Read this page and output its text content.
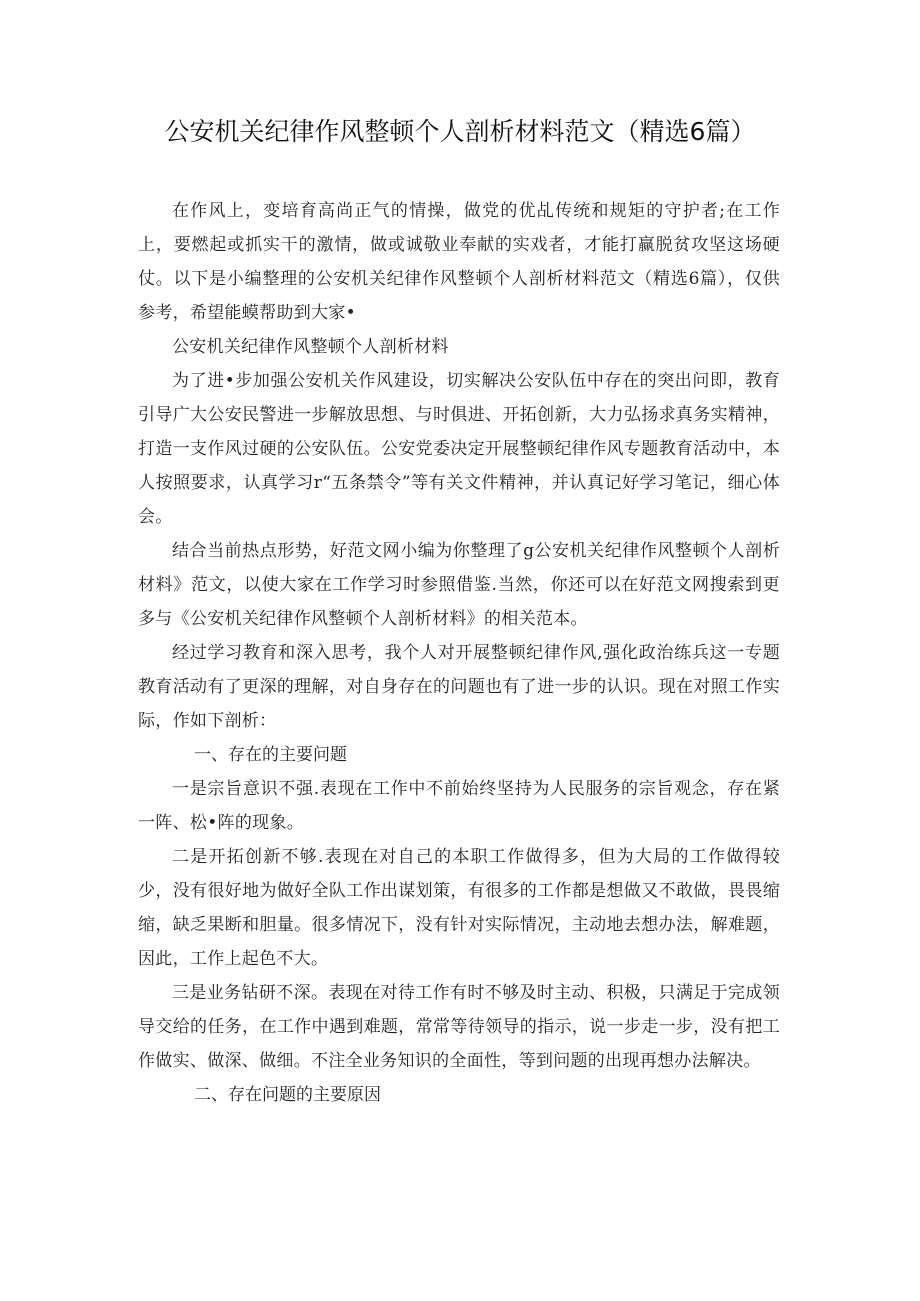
公安机关纪律作风整顿个人剖析材料范文（精选6篇）

在作风上，变培育高尚正气的情操，做党的优乩传统和规矩的守护者;在工作上，要燃起或抓实干的激情，做或诚敬业奉献的实戏者，才能打赢脱贫攻坚这场硬仗。以下是小编整理的公安机关纪律作风整顿个人剖析材料范文（精选6篇），仅供参考，希望能蟆帮助到大家•

公安机关纪律作风整顿个人剖析材料

为了进•步加强公安机关作风建设，切实解决公安队伍中存在的突出问即，教育引导广大公安民警进一步解放思想、与时俱进、开拓创新，大力弘扬求真务实精神，打造一支作风过硬的公安队伍。公安党委决定开展整顿纪律作风专题教育活动中，本人按照要求，认真学习r“五条禁令”等有关文件精神，并认真记好学习笔记，细心体会。

结合当前热点形势，好范文网小编为你整理了g公安机关纪律作风整顿个人剖析材料》范文，以使大家在工作学习时参照借鉴.当然，你还可以在好范文网搜索到更多与《公安机关纪律作风整顿个人剖析材料》的相关范本。

经过学习教育和深入思考，我个人对开展整顿纪律作风,强化政治练兵这一专题教育活动有了更深的理解，对自身存在的问题也有了进一步的认识。现在对照工作实际，作如下剖析：

一、存在的主要问题

一是宗旨意识不强.表现在工作中不前始终坚持为人民服务的宗旨观念，存在紧一阵、松•阵的现象。

二是开拓创新不够.表现在对自己的本职工作做得多，但为大局的工作做得较少，没有很好地为做好全队工作出谋划策，有很多的工作都是想做又不敢做，畏畏缩缩，缺乏果断和胆量。很多情况下，没有针对实际情况，主动地去想办法，解难题，因此，工作上起色不大。

三是业务钻研不深。表现在对待工作有时不够及时主动、积极，只满足于完成领导交给的任务，在工作中遇到难题，常常等待领导的指示，说一步走一步，没有把工作做实、做深、做细。不注全业务知识的全面性，等到问题的出现再想办法解决。

二、存在问题的主要原因
